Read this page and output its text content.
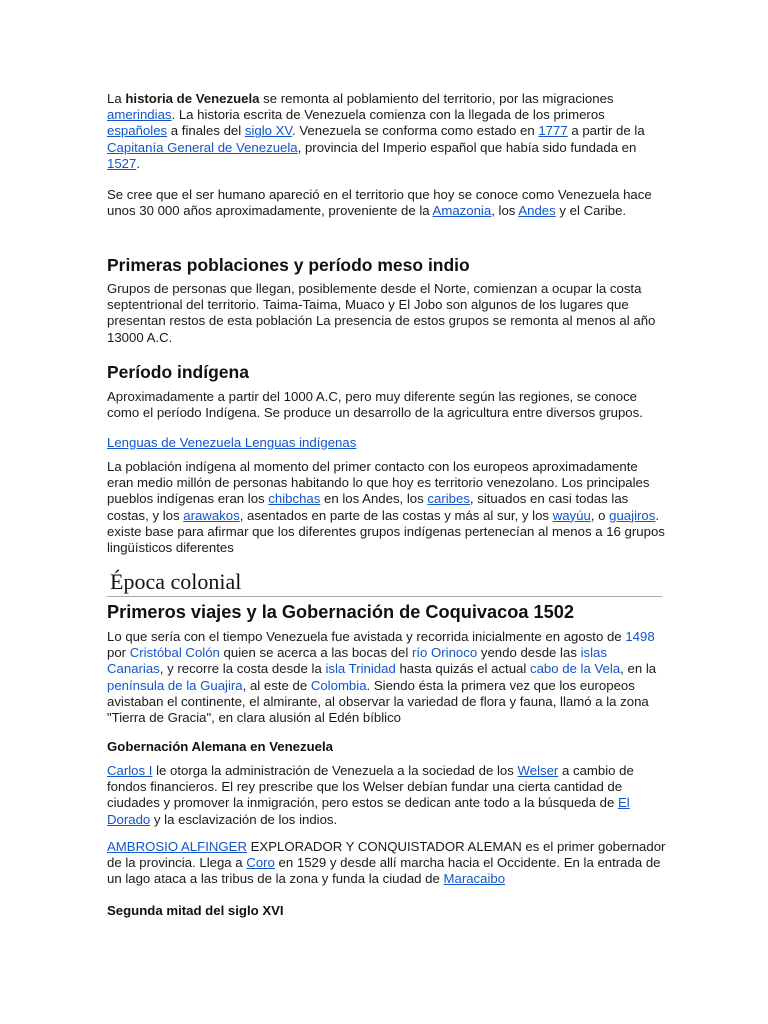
La historia de Venezuela se remonta al poblamiento del territorio, por las migraciones amerindias. La historia escrita de Venezuela comienza con la llegada de los primeros españoles a finales del siglo XV. Venezuela se conforma como estado en 1777 a partir de la Capitanía General de Venezuela, provincia del Imperio español que había sido fundada en 1527.

Se cree que el ser humano apareció en el territorio que hoy se conoce como Venezuela hace unos 30 000 años aproximadamente, proveniente de la Amazonia, los Andes y el Caribe.

Primeras poblaciones y período meso indio

Grupos de personas que llegan, posiblemente desde el Norte, comienzan a ocupar la costa septentrional del territorio. Taima-Taima, Muaco y El Jobo son algunos de los lugares que presentan restos de esta población La presencia de estos grupos se remonta al menos al año 13000 A.C.

Período indígena

Aproximadamente a partir del 1000 A.C, pero muy diferente según las regiones, se conoce como el período Indígena. Se produce un desarrollo de la agricultura entre diversos grupos.

Lenguas de Venezuela Lenguas indígenas

La población indígena al momento del primer contacto con los europeos aproximadamente eran medio millón de personas habitando lo que hoy es territorio venezolano. Los principales pueblos indígenas eran los chibchas en los Andes, los caribes, situados en casi todas las costas, y los arawakos, asentados en parte de las costas y más al sur, y los wayúu, o guajiros. existe base para afirmar que los diferentes grupos indígenas pertenecían al menos a 16 grupos lingüísticos diferentes

Época colonial
Primeros viajes y la Gobernación de Coquivacoa 1502

Lo que sería con el tiempo Venezuela fue avistada y recorrida inicialmente en agosto de 1498 por Cristóbal Colón quien se acerca a las bocas del río Orinoco yendo desde las islas Canarias, y recorre la costa desde la isla Trinidad hasta quizás el actual cabo de la Vela, en la península de la Guajira, al este de Colombia. Siendo ésta la primera vez que los europeos avistaban el continente, el almirante, al observar la variedad de flora y fauna, llamó a la zona "Tierra de Gracia", en clara alusión al Edén bíblico

Gobernación Alemana en Venezuela

Carlos I le otorga la administración de Venezuela a la sociedad de los Welser a cambio de fondos financieros. El rey prescribe que los Welser debían fundar una cierta cantidad de ciudades y promover la inmigración, pero estos se dedican ante todo a la búsqueda de El Dorado y la esclavización de los indios.

AMBROSIO ALFINGER EXPLORADOR Y CONQUISTADOR ALEMAN es el primer gobernador de la provincia. Llega a Coro en 1529 y desde allí marcha hacia el Occidente. En la entrada de un lago ataca a las tribus de la zona y funda la ciudad de Maracaibo

Segunda mitad del siglo XVI
